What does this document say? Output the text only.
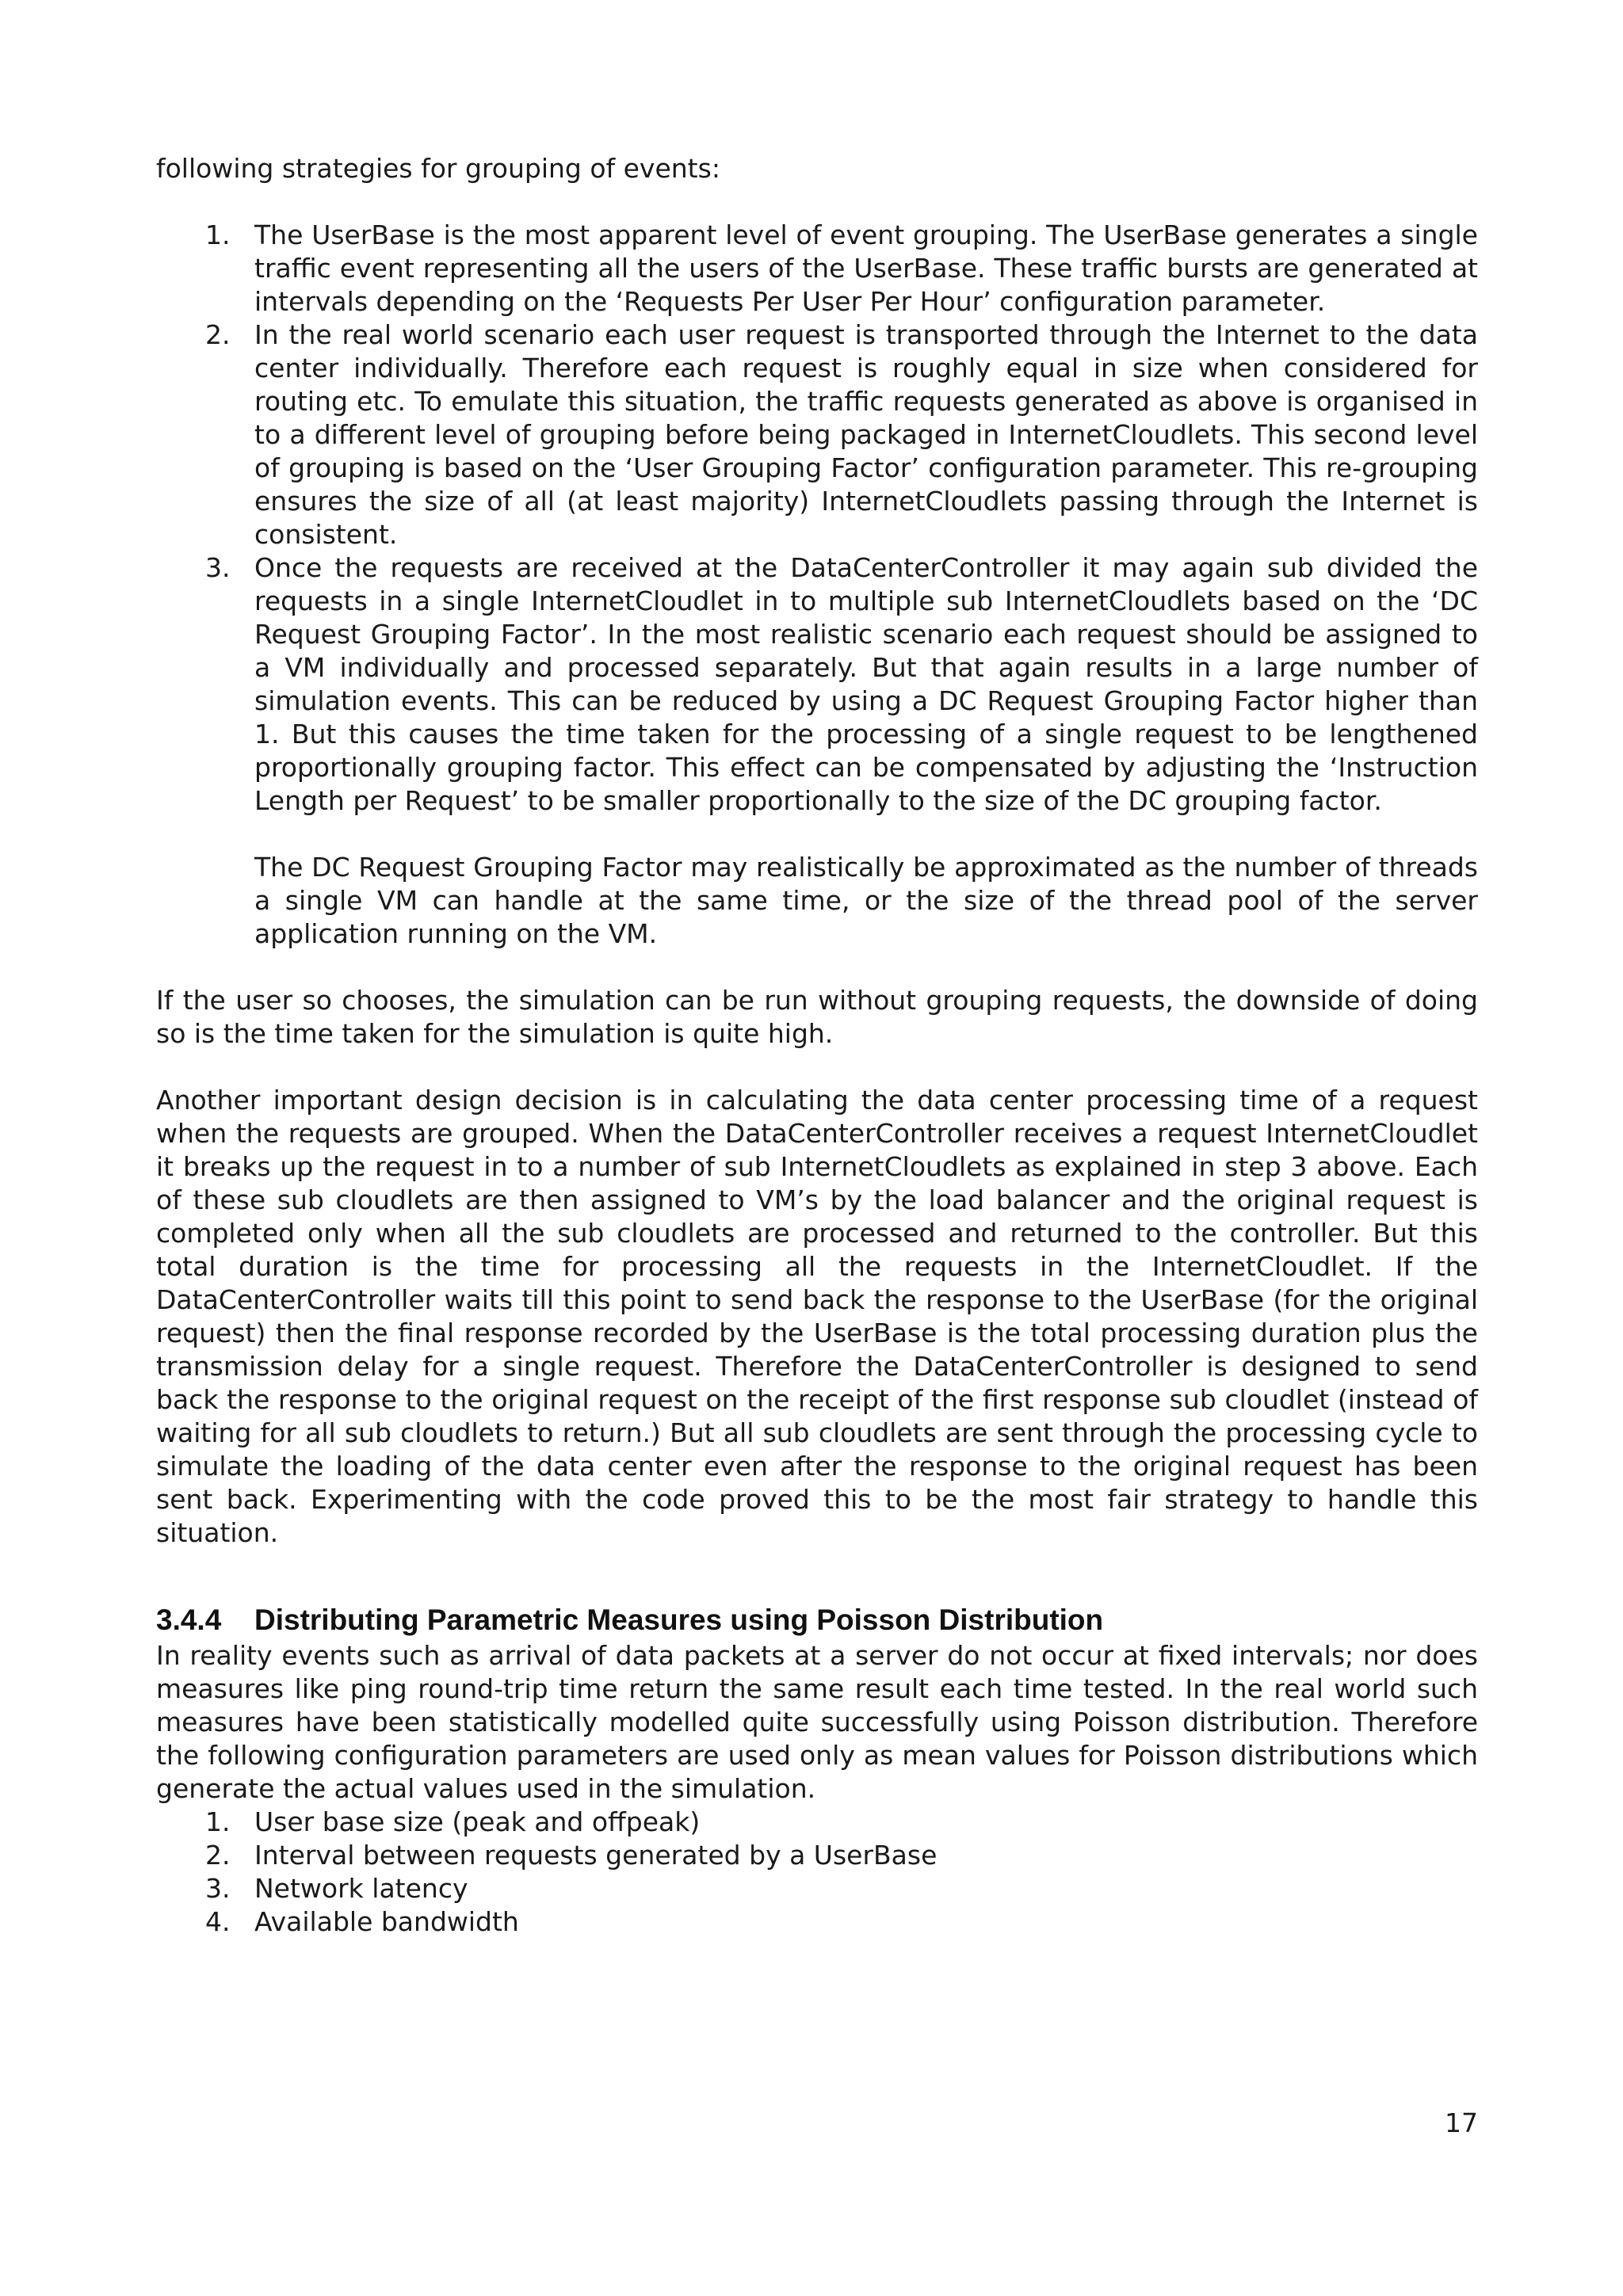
following strategies for grouping of events:

1. The UserBase is the most apparent level of event grouping. The UserBase generates a single traffic event representing all the users of the UserBase. These traffic bursts are generated at intervals depending on the ‘Requests Per User Per Hour’ configuration parameter.
2. In the real world scenario each user request is transported through the Internet to the data center individually. Therefore each request is roughly equal in size when considered for routing etc. To emulate this situation, the traffic requests generated as above is organised in to a different level of grouping before being packaged in InternetCloudlets. This second level of grouping is based on the ‘User Grouping Factor’ configuration parameter. This re-grouping ensures the size of all (at least majority) InternetCloudlets passing through the Internet is consistent.
3. Once the requests are received at the DataCenterController it may again sub divided the requests in a single InternetCloudlet in to multiple sub InternetCloudlets based on the ‘DC Request Grouping Factor’. In the most realistic scenario each request should be assigned to a VM individually and processed separately. But that again results in a large number of simulation events. This can be reduced by using a DC Request Grouping Factor higher than 1. But this causes the time taken for the processing of a single request to be lengthened proportionally grouping factor. This effect can be compensated by adjusting the ‘Instruction Length per Request’ to be smaller proportionally to the size of the DC grouping factor.
The DC Request Grouping Factor may realistically be approximated as the number of threads a single VM can handle at the same time, or the size of the thread pool of the server application running on the VM.

If the user so chooses, the simulation can be run without grouping requests, the downside of doing so is the time taken for the simulation is quite high.

Another important design decision is in calculating the data center processing time of a request when the requests are grouped. When the DataCenterController receives a request InternetCloudlet it breaks up the request in to a number of sub InternetCloudlets as explained in step 3 above. Each of these sub cloudlets are then assigned to VM’s by the load balancer and the original request is completed only when all the sub cloudlets are processed and returned to the controller. But this total duration is the time for processing all the requests in the InternetCloudlet. If the DataCenterController waits till this point to send back the response to the UserBase (for the original request) then the final response recorded by the UserBase is the total processing duration plus the transmission delay for a single request. Therefore the DataCenterController is designed to send back the response to the original request on the receipt of the first response sub cloudlet (instead of waiting for all sub cloudlets to return.) But all sub cloudlets are sent through the processing cycle to simulate the loading of the data center even after the response to the original request has been sent back. Experimenting with the code proved this to be the most fair strategy to handle this situation.

3.4.4 Distributing Parametric Measures using Poisson Distribution

In reality events such as arrival of data packets at a server do not occur at fixed intervals; nor does measures like ping round-trip time return the same result each time tested. In the real world such measures have been statistically modelled quite successfully using Poisson distribution. Therefore the following configuration parameters are used only as mean values for Poisson distributions which generate the actual values used in the simulation.

1. User base size (peak and offpeak)
2. Interval between requests generated by a UserBase
3. Network latency
4. Available bandwidth
17
